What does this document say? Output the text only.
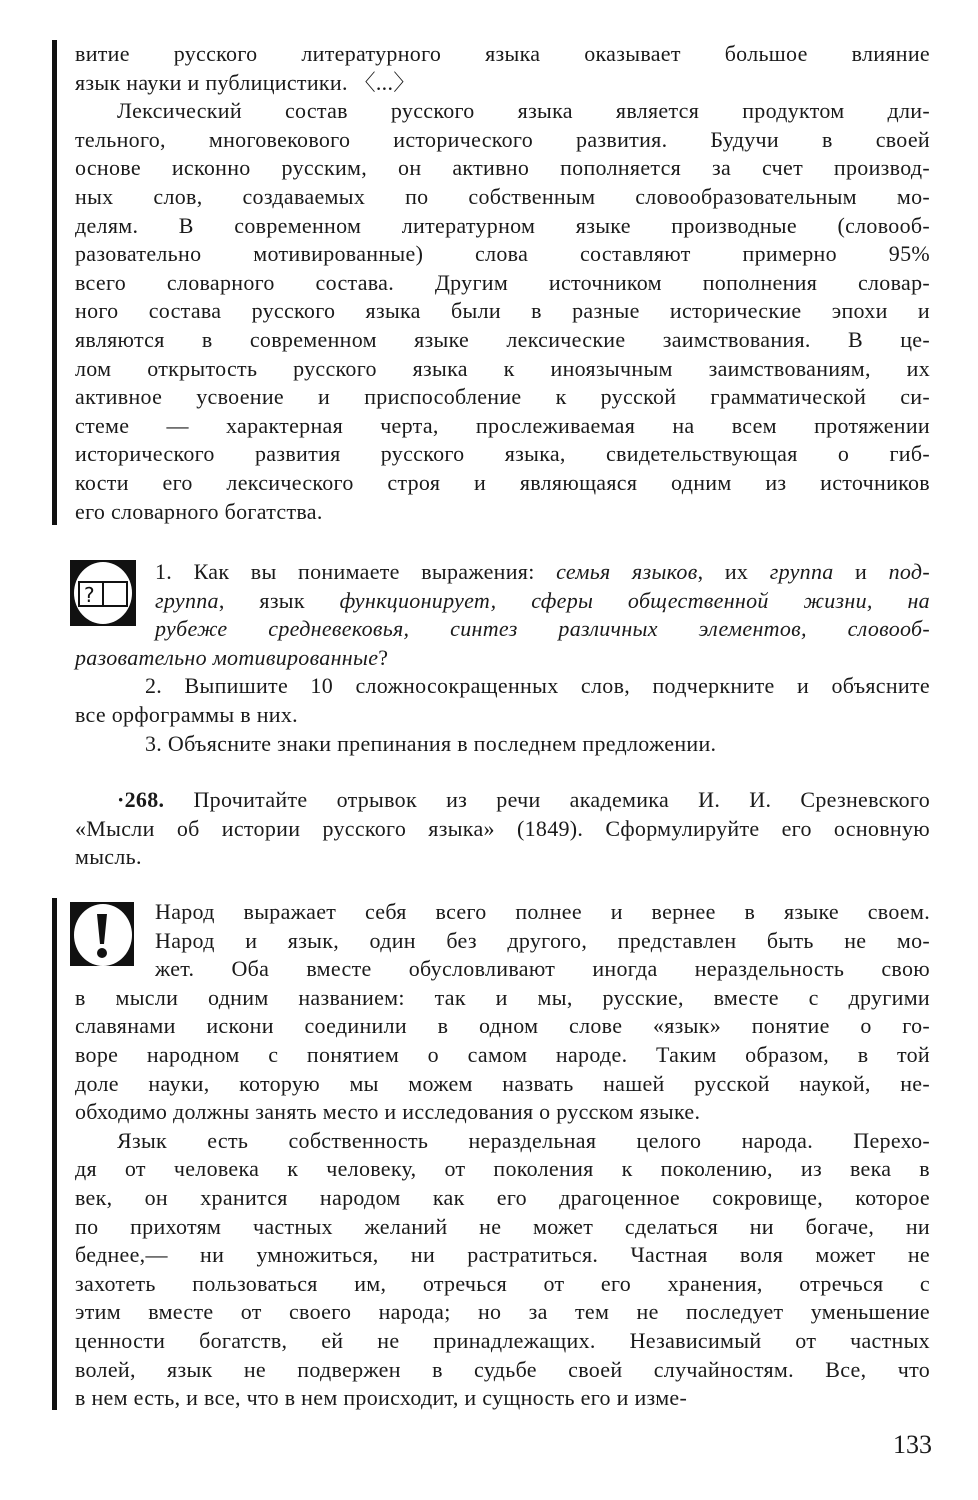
витие русского литературного языка оказывает большое влияние
язык науки и публицистики. 〈...〉
Лексический состав русского языка является продуктом дли-
тельного, многовекового исторического развития. Будучи в своей
основе исконно русским, он активно пополняется за счет производ-
ных слов, создаваемых по собственным словообразовательным мо-
делям. В современном литературном языке производные (словооб-
разовательно мотивированные) слова составляют примерно 95%
всего словарного состава. Другим источником пополнения словар-
ного состава русского языка были в разные исторические эпохи и
являются в современном языке лексические заимствования. В це-
лом открытость русского языка к иноязычным заимствованиям, их
активное усвоение и приспособление к русской грамматической си-
стеме — характерная черта, прослеживаемая на всем протяжении
исторического развития русского языка, свидетельствующая о гиб-
кости его лексического строя и являющаяся одним из источников
его словарного богатства.
?
1. Как вы понимаете выражения: семья языков, их группа и под-
группа, язык функционирует, сферы общественной жизни, на
рубеже средневековья, синтез различных элементов, словооб-
разовательно мотивированные?
2. Выпишите 10 сложносокращенных слов, подчеркните и объясните
все орфограммы в них.
3. Объясните знаки препинания в последнем предложении.
·268. Прочитайте отрывок из речи академика И. И. Срезневского
«Мысли об истории русского языка» (1849). Сформулируйте его основную
мысль.
Народ выражает себя всего полнее и вернее в языке своем.
Народ и язык, один без другого, представлен быть не мо-
жет. Оба вместе обусловливают иногда нераздельность свою
в мысли одним названием: так и мы, русские, вместе с другими
славянами искони соединили в одном слове «язык» понятие о го-
воре народном с понятием о самом народе. Таким образом, в той
доле науки, которую мы можем назвать нашей русской наукой, не-
обходимо должны занять место и исследования о русском языке.
Язык есть собственность нераздельная целого народа. Перехо-
дя от человека к человеку, от поколения к поколению, из века в
век, он хранится народом как его драгоценное сокровище, которое
по прихотям частных желаний не может сделаться ни богаче, ни
беднее,— ни умножиться, ни растратиться. Частная воля может не
захотеть пользоваться им, отречься от его хранения, отречься с
этим вместе от своего народа; но за тем не последует уменьшение
ценности богатств, ей не принадлежащих. Независимый от частных
волей, язык не подвержен в судьбе своей случайностям. Все, что
в нем есть, и все, что в нем происходит, и сущность его и изме-
133
